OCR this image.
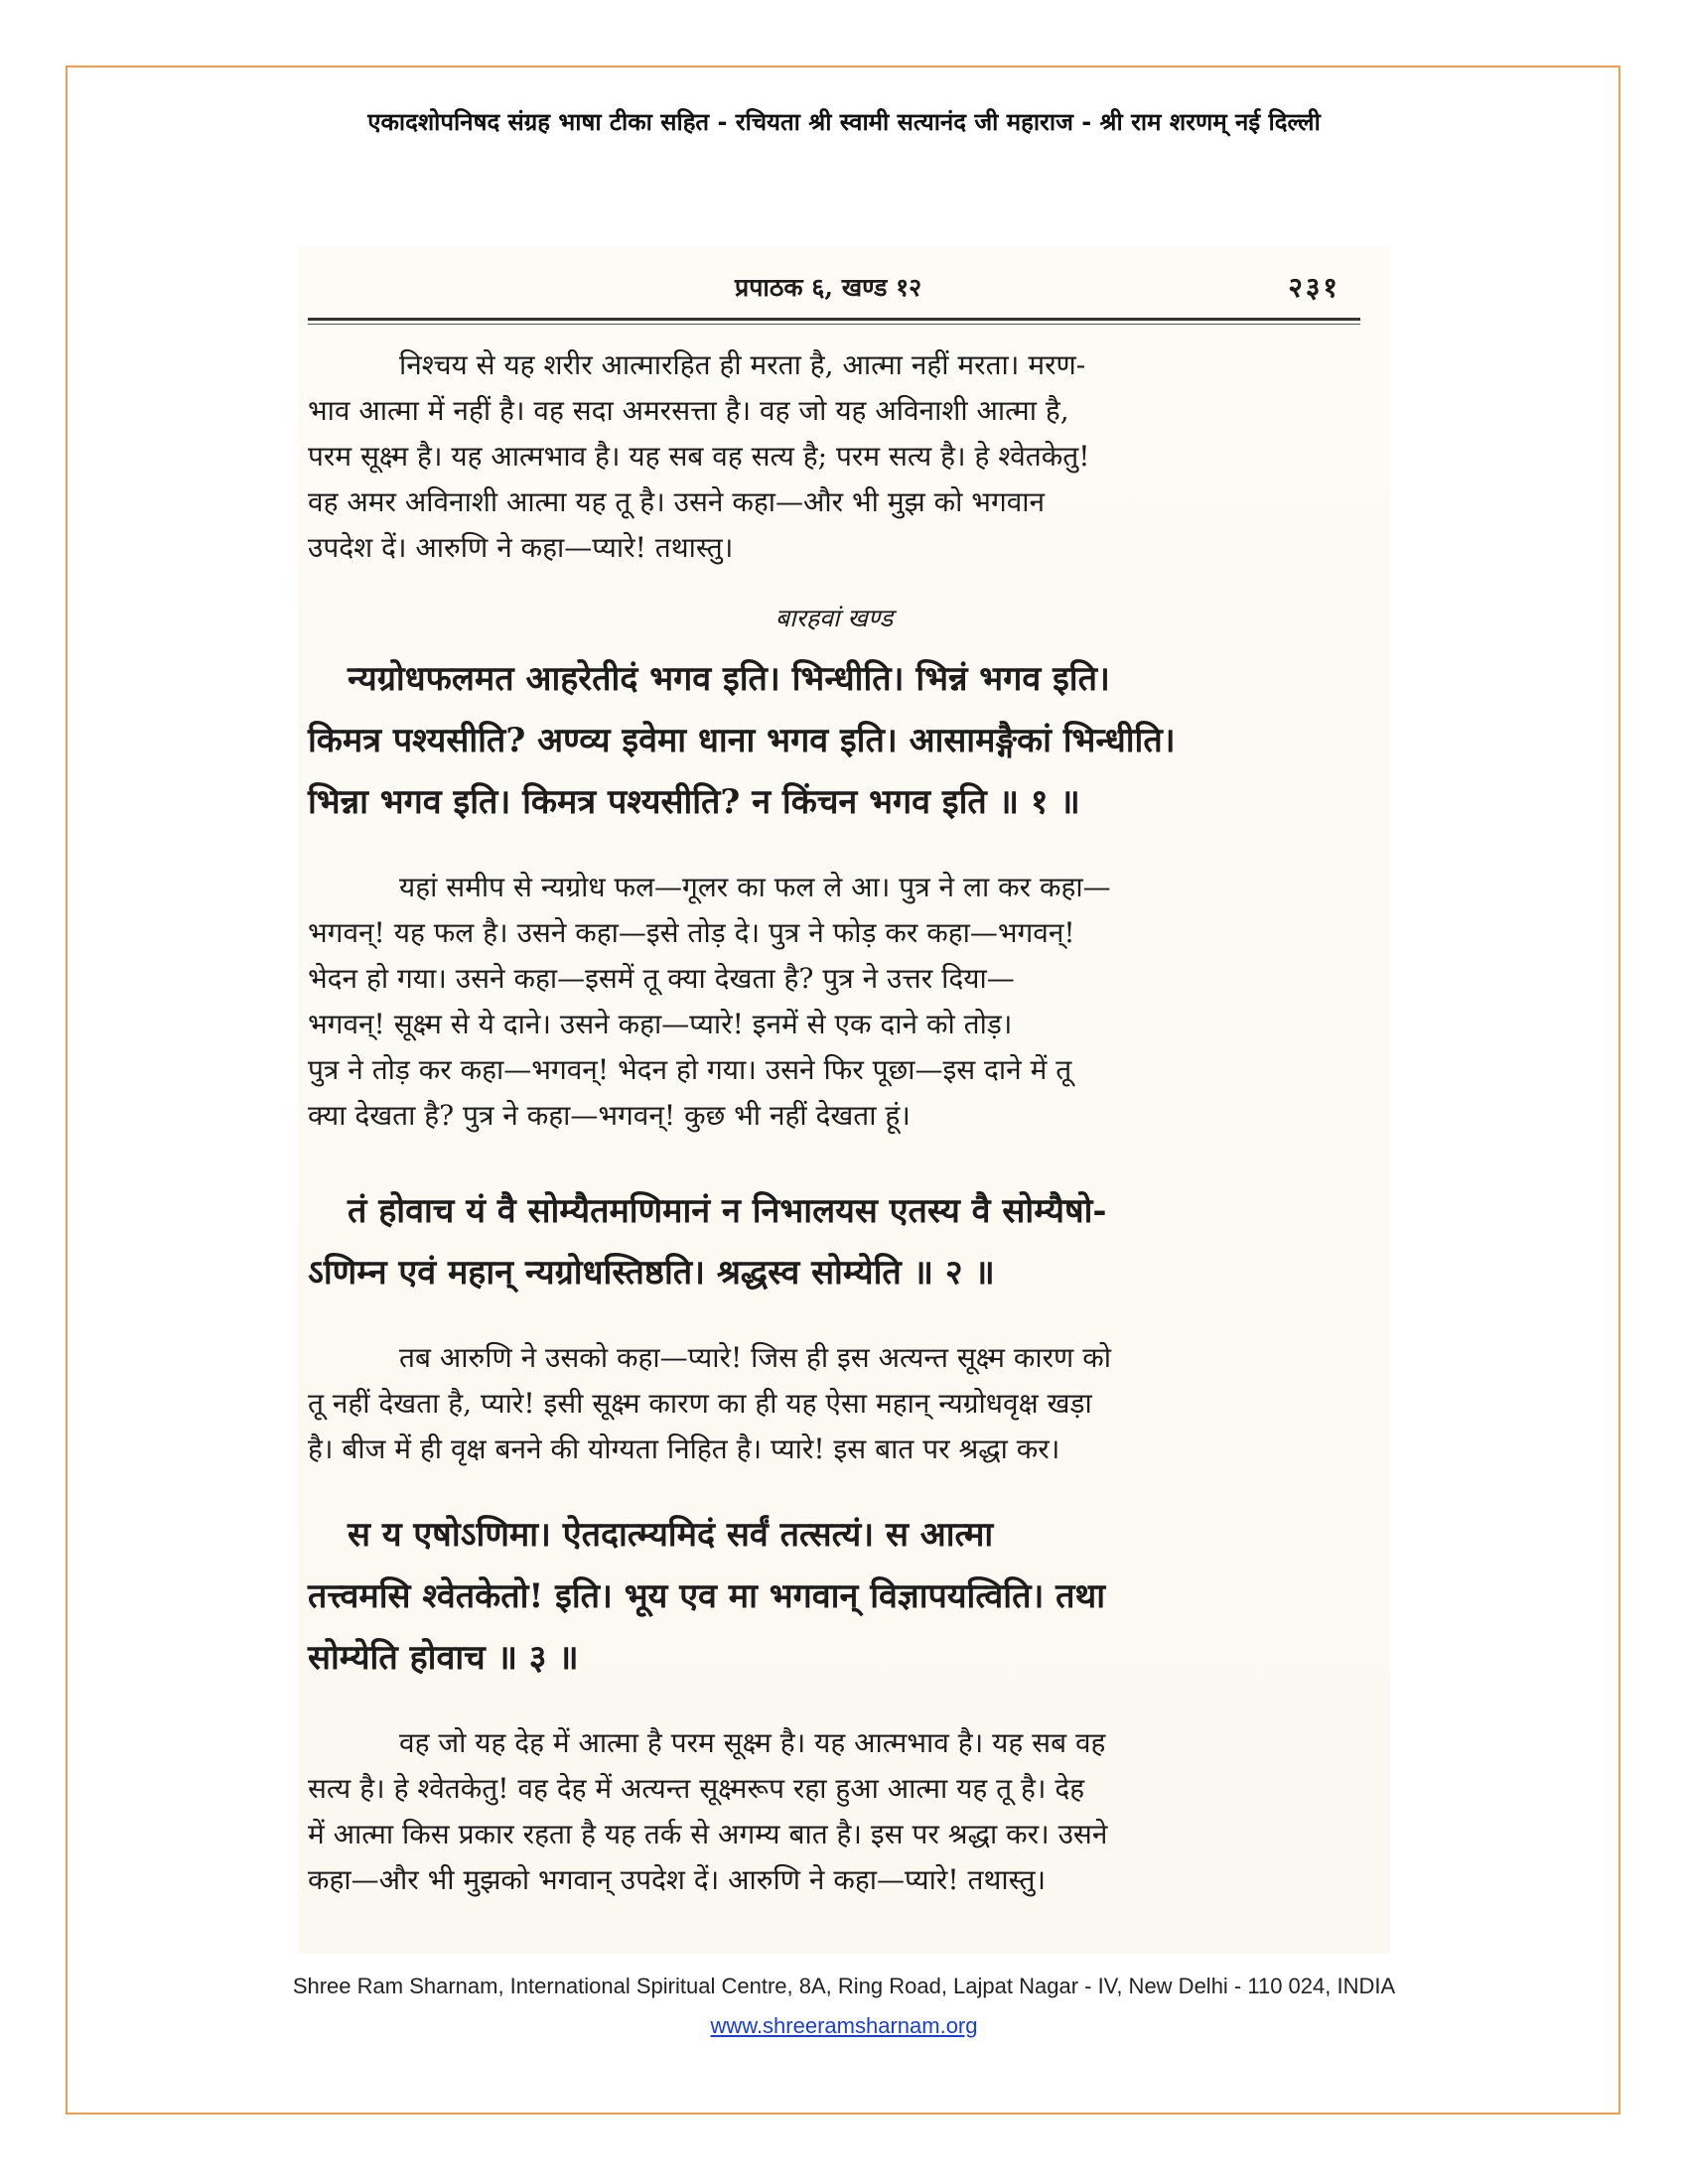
एकादशोपनिषद संग्रह भाषा टीका सहित - रचियता श्री स्वामी सत्यानंद जी महाराज - श्री राम शरणम् नई दिल्ली
प्रपाठक ६, खण्ड १२	२३१
निश्चय से यह शरीर आत्मारहित ही मरता है, आत्मा नहीं मरता। मरण-
भाव आत्मा में नहीं है। वह सदा अमरसत्ता है। वह जो यह अविनाशी आत्मा है,
परम सूक्ष्म है। यह आत्मभाव है। यह सब वह सत्य है; परम सत्य है। हे श्वेतकेतु!
वह अमर अविनाशी आत्मा यह तू है। उसने कहा—और भी मुझ को भगवान
उपदेश दें। आरुणि ने कहा—प्यारे! तथास्तु।
बारहवां खण्ड
न्यग्रोधफलमत आहरेतीदं भगव इति। भिन्धीति। भिन्नं भगव इति।
किमत्र पश्यसीति? अण्व्य इवेमा धाना भगव इति। आसामङ्गैकां भिन्धीति।
भिन्ना भगव इति। किमत्र पश्यसीति? न किंचन भगव इति ॥ १ ॥
यहां समीप से न्यग्रोध फल—गूलर का फल ले आ। पुत्र ने ला कर कहा—
भगवन्! यह फल है। उसने कहा—इसे तोड़ दे। पुत्र ने फोड़ कर कहा—भगवन्!
भेदन हो गया। उसने कहा—इसमें तू क्या देखता है? पुत्र ने उत्तर दिया—
भगवन्! सूक्ष्म से ये दाने। उसने कहा—प्यारे! इनमें से एक दाने को तोड़।
पुत्र ने तोड़ कर कहा—भगवन्! भेदन हो गया। उसने फिर पूछा—इस दाने में तू
क्या देखता है? पुत्र ने कहा—भगवन्! कुछ भी नहीं देखता हूं।
तं होवाच यं वै सोम्यैतमणिमानं न निभालयस एतस्य वै सोम्यैषो-
ऽणिम्न एवं महान् न्यग्रोधस्तिष्ठति। श्रद्धस्व सोम्येति ॥ २ ॥
तब आरुणि ने उसको कहा—प्यारे! जिस ही इस अत्यन्त सूक्ष्म कारण को
तू नहीं देखता है, प्यारे! इसी सूक्ष्म कारण का ही यह ऐसा महान् न्यग्रोधवृक्ष खड़ा
है। बीज में ही वृक्ष बनने की योग्यता निहित है। प्यारे! इस बात पर श्रद्धा कर।
स य एषोऽणिमा। ऐतदात्म्यमिदं सर्वं तत्सत्यं। स आत्मा
तत्त्वमसि श्वेतकेतो! इति। भूय एव मा भगवान् विज्ञापयत्विति। तथा
सोम्येति होवाच ॥ ३ ॥
वह जो यह देह में आत्मा है परम सूक्ष्म है। यह आत्मभाव है। यह सब वह
सत्य है। हे श्वेतकेतु! वह देह में अत्यन्त सूक्ष्मरूप रहा हुआ आत्मा यह तू है। देह
में आत्मा किस प्रकार रहता है यह तर्क से अगम्य बात है। इस पर श्रद्धा कर। उसने
कहा—और भी मुझको भगवान् उपदेश दें। आरुणि ने कहा—प्यारे! तथास्तु।
Shree Ram Sharnam, International Spiritual Centre, 8A, Ring Road, Lajpat Nagar - IV, New Delhi - 110 024, INDIA
www.shreeramsharnam.org
